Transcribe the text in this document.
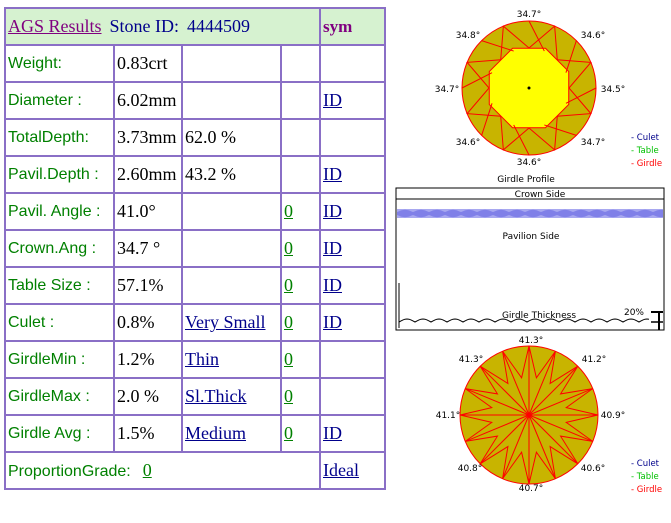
AGS Results Stone ID: 4444509				sym
Weight:	0.83crt			
Diameter :	6.02mm			ID
TotalDepth:	3.73mm	62.0 %		
Pavil.Depth :	2.60mm	43.2 %		ID
Pavil. Angle :	41.0°		0	ID
Crown.Ang :	34.7 °		0	ID
Table Size :	57.1%		0	ID
Culet :	0.8%	Very Small	0	ID
GirdleMin :	1.2%	Thin	0	
GirdleMax :	2.0 %	Sl.Thick	0	
Girdle Avg :	1.5%	Medium	0	ID
ProportionGrade: 0				Ideal
34.7°
34.6°
34.5°
34.7°
34.6°
34.6°
34.7°
34.8°
Girdle Profile
Crown Side
Pavilion Side
Girdle Thickness	20%
41.3°
41.2°
40.9°
40.6°
40.7°
40.8°
41.1°
41.3°
- Culet
- Table
- Girdle
- Culet
- Table
- Girdle
